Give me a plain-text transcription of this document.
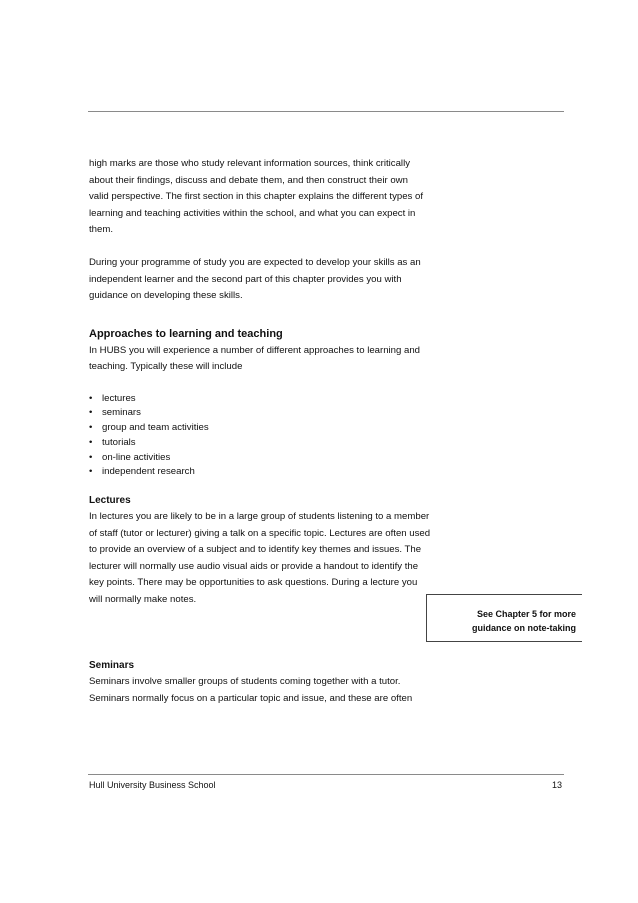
high marks are those who study relevant information sources, think critically
about their findings, discuss and debate them, and then construct their own
valid perspective. The first section in this chapter explains the different types of
learning and teaching activities within the school, and what you can expect in
them.

During your programme of study you are expected to develop your skills as an
independent learner and the second part of this chapter provides you with
guidance on developing these skills.

Approaches to learning and teaching

In HUBS you will experience a number of different approaches to learning and
teaching. Typically these will include

• lectures
• seminars
• group and team activities
• tutorials
• on-line activities
• independent research
Lectures

In lectures you are likely to be in a large group of students listening to a member
of staff (tutor or lecturer) giving a talk on a specific topic. Lectures are often used
to provide an overview of a subject and to identify key themes and issues. The
lecturer will normally use audio visual aids or provide a handout to identify the
key points. There may be opportunities to ask questions. During a lecture you
will normally make notes.

See Chapter 5 for more
guidance on note-taking
Seminars

Seminars involve smaller groups of students coming together with a tutor.
Seminars normally focus on a particular topic and issue, and these are often

Hull University Business School	13
